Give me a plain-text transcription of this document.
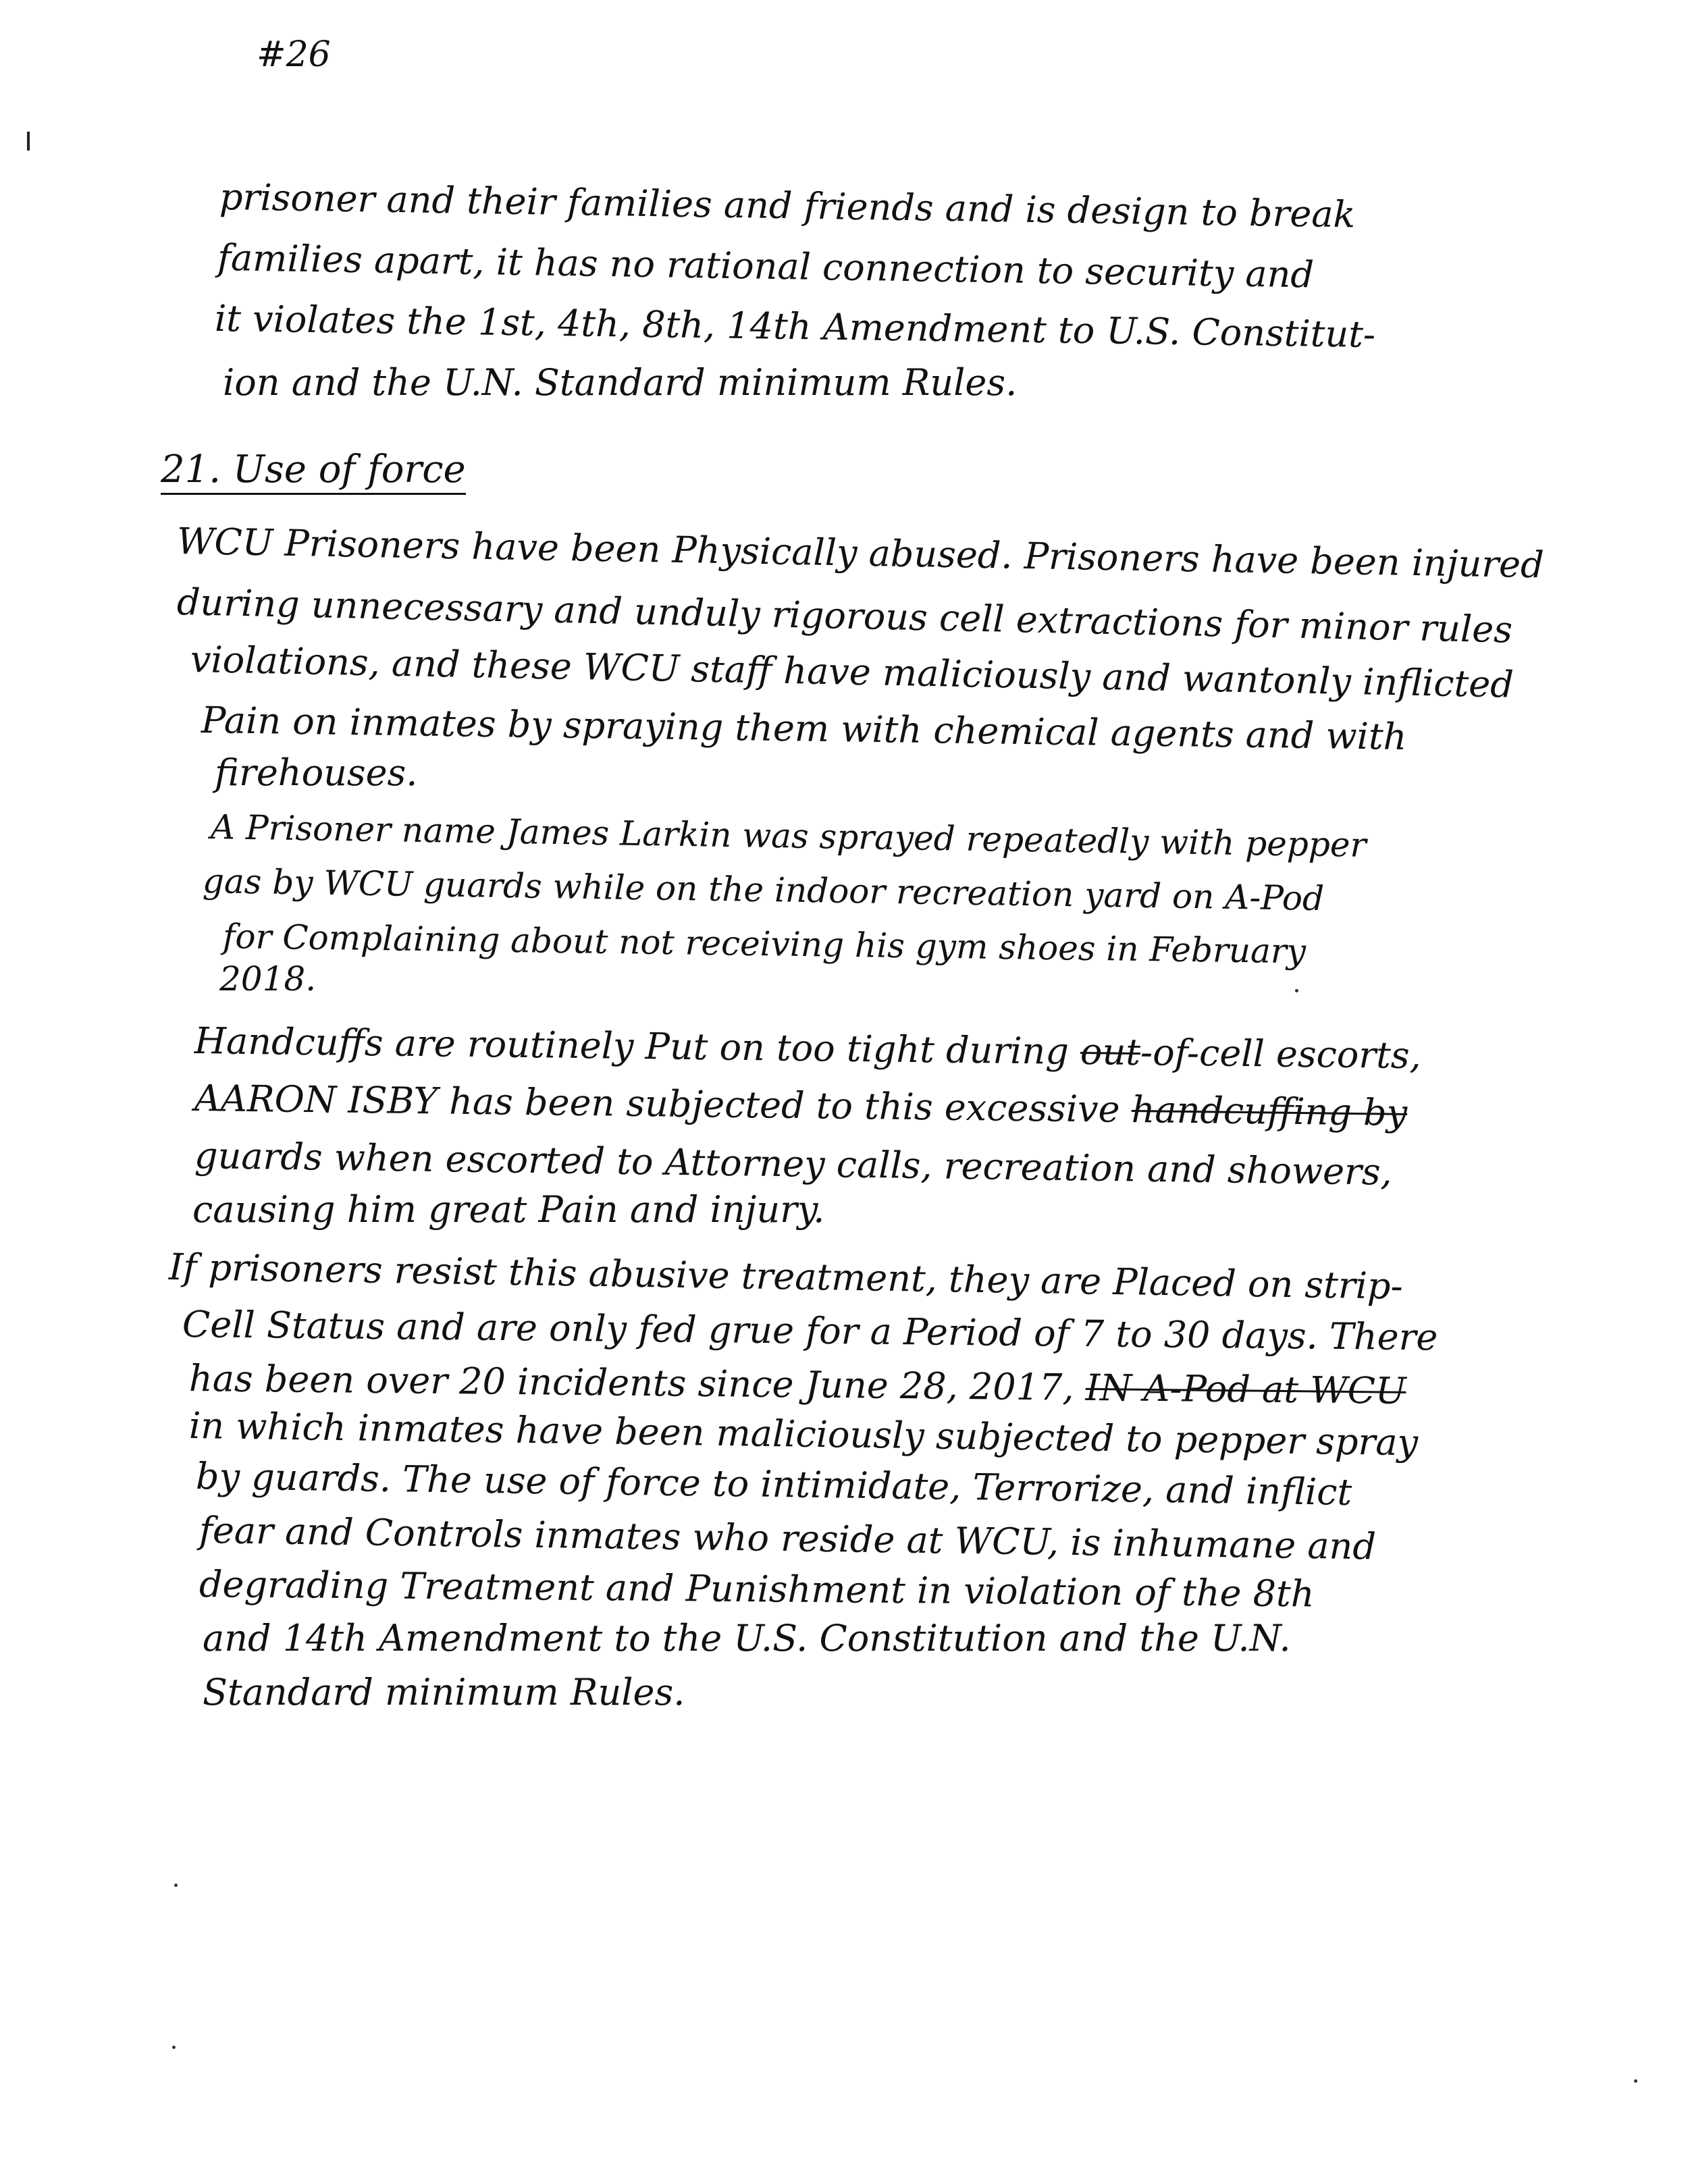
#26
prisoner and their families and friends and is design to break
families apart, it has no rational connection to security and
it violates the 1st, 4th, 8th, 14th Amendment to U.S. Constitut-
ion and the U.N. Standard minimum Rules.
21. Use of force
WCU Prisoners have been Physically abused. Prisoners have been injured
during unnecessary and unduly rigorous cell extractions for minor rules
violations, and these WCU staff have maliciously and wantonly inflicted
Pain on inmates by spraying them with chemical agents and with
firehouses.
A Prisoner name James Larkin was sprayed repeatedly with pepper
gas by WCU guards while on the indoor recreation yard on A-Pod
for Complaining about not receiving his gym shoes in February
2018.
Handcuffs are routinely Put on too tight during out-of-cell escorts,
AARON ISBY has been subjected to this excessive handcuffing by
guards when escorted to Attorney calls, recreation and showers,
causing him great Pain and injury.
If prisoners resist this abusive treatment, they are Placed on strip-
Cell Status and are only fed grue for a Period of 7 to 30 days. There
has been over 20 incidents since June 28, 2017, IN A-Pod at WCU
in which inmates have been maliciously subjected to pepper spray
by guards. The use of force to intimidate, Terrorize, and inflict
fear and Controls inmates who reside at WCU, is inhumane and
degrading Treatment and Punishment in violation of the 8th
and 14th Amendment to the U.S. Constitution and the U.N.
Standard minimum Rules.
